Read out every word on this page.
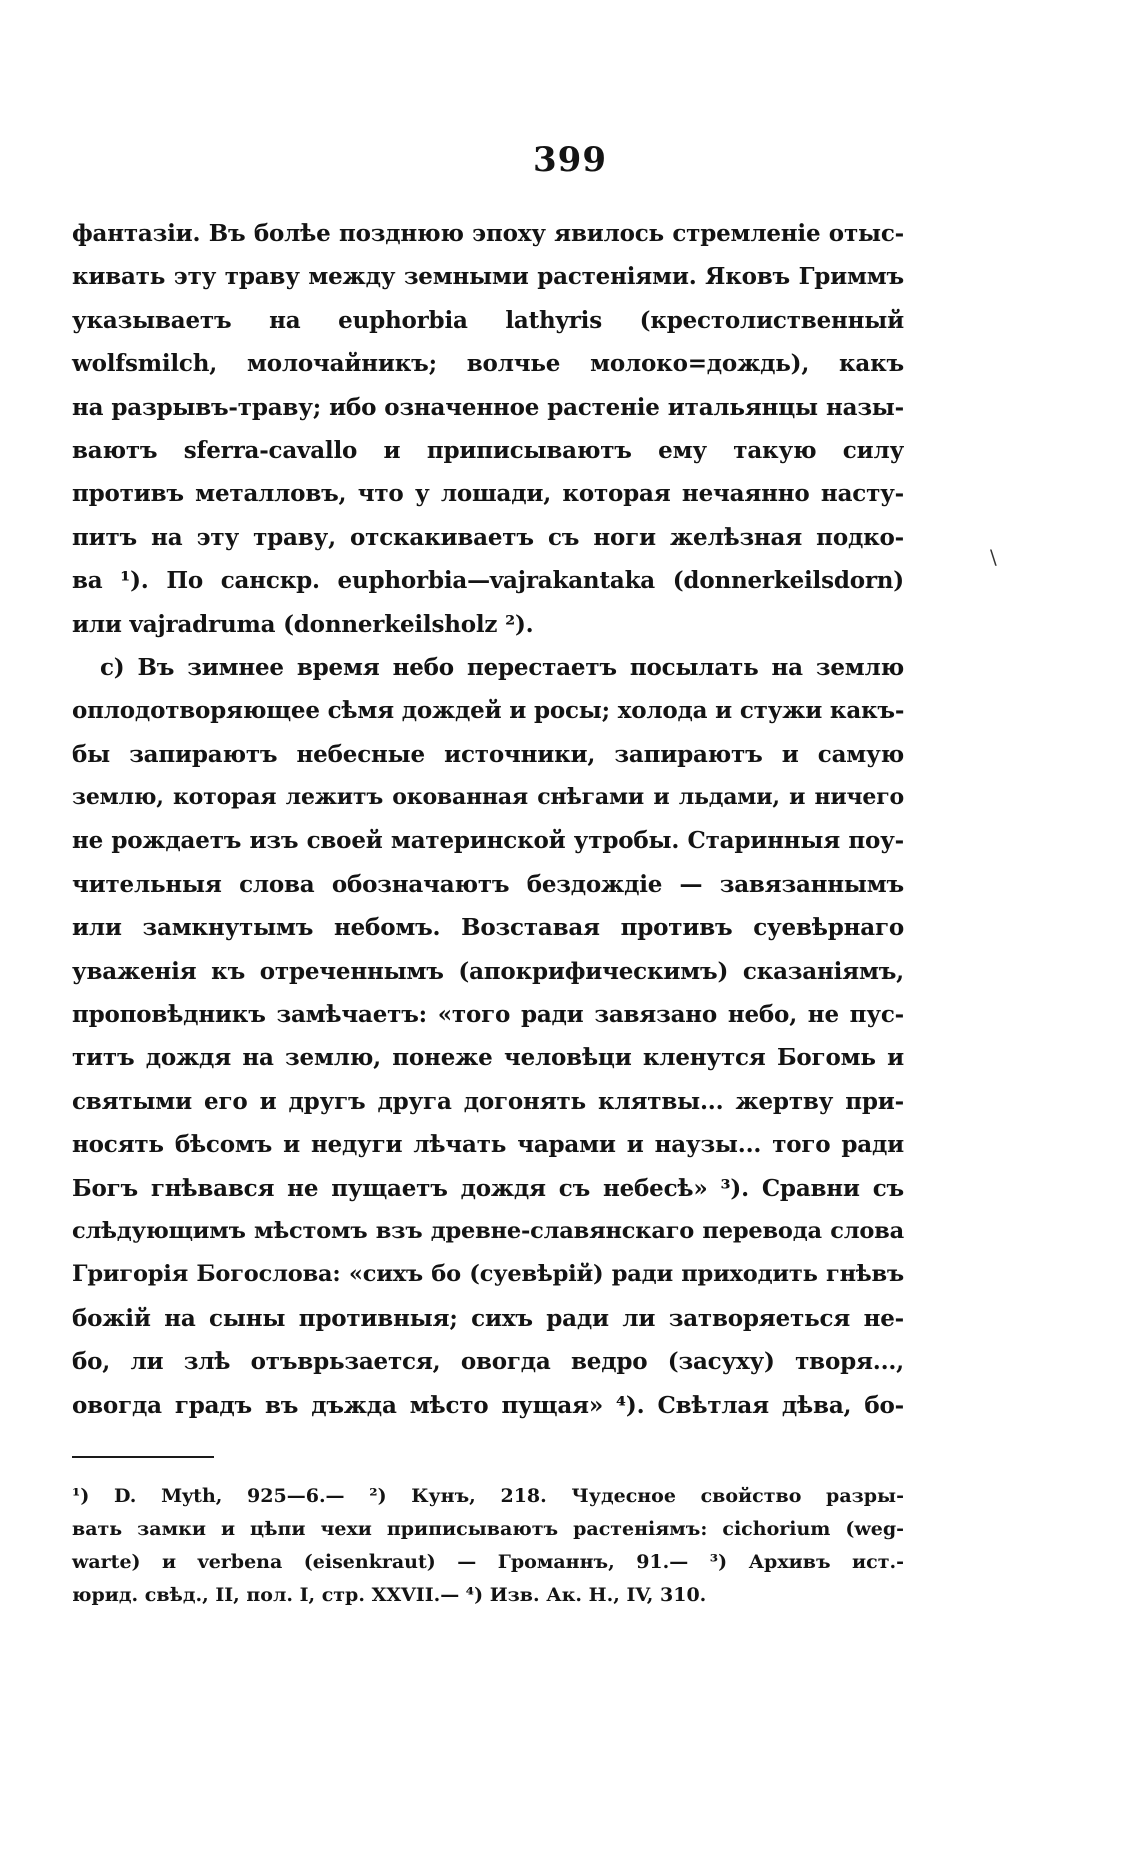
399
фантазіи. Въ болѣе позднюю эпоху явилось стремленіе отыс-
кивать эту траву между земными растеніями. Яковъ Гриммъ
указываетъ на euphorbia lathyris (крестолиственный
wolfsmilch, молочайникъ; волчье молоко=дождь), какъ
на разрывъ-траву; ибо означенное растеніе итальянцы назы-
ваютъ sferra-cavallo и приписываютъ ему такую силу
противъ металловъ, что у лошади, которая нечаянно насту-
питъ на эту траву, отскакиваетъ съ ноги желѣзная подко-
ва ¹). По санскр. euphorbia—vajrakantaka (donnerkeilsdorn)
или vajradruma (donnerkeilsholz ²).
c) Въ зимнее время небо перестаетъ посылать на землю
оплодотворяющее сѣмя дождей и росы; холода и стужи какъ-
бы запираютъ небесные источники, запираютъ и самую
землю, которая лежитъ окованная снѣгами и льдами, и ничего
не рождаетъ изъ своей материнской утробы. Старинныя поу-
чительныя слова обозначаютъ бездождіе — завязаннымъ
или замкнутымъ небомъ. Возставая противъ суевѣрнаго
уваженія къ отреченнымъ (апокрифическимъ) сказаніямъ,
проповѣдникъ замѣчаетъ: «того ради завязано небо, не пус-
титъ дождя на землю, понеже человѣци кленутся Богомь и
святыми его и другъ друга догонять клятвы... жертву при-
носять бѣсомъ и недуги лѣчать чарами и наузы... того ради
Богъ гнѣвався не пущаетъ дождя съ небесѣ» ³). Сравни съ
слѣдующимъ мѣстомъ взъ древне-славянскаго перевода слова
Григорія Богослова: «сихъ бо (суевѣрій) ради приходить гнѣвъ
божій на сыны противныя; сихъ ради ли затворяеться не-
бо, ли злѣ отъврьзается, овогда ведро (засуху) творя...,
овогда градъ въ дъжда мѣсто пущая» ⁴). Свѣтлая дѣва, бо-
\
¹) D. Myth, 925—6.— ²) Кунъ, 218. Чудесное свойство разры-
вать замки и цѣпи чехи приписываютъ растеніямъ: cichorium (weg-
warte) и verbena (eisenkraut) — Громаннъ, 91.— ³) Архивъ ист.-
юрид. свѣд., II, пол. I, стр. XXVII.— ⁴) Изв. Ак. Н., IV, 310.
